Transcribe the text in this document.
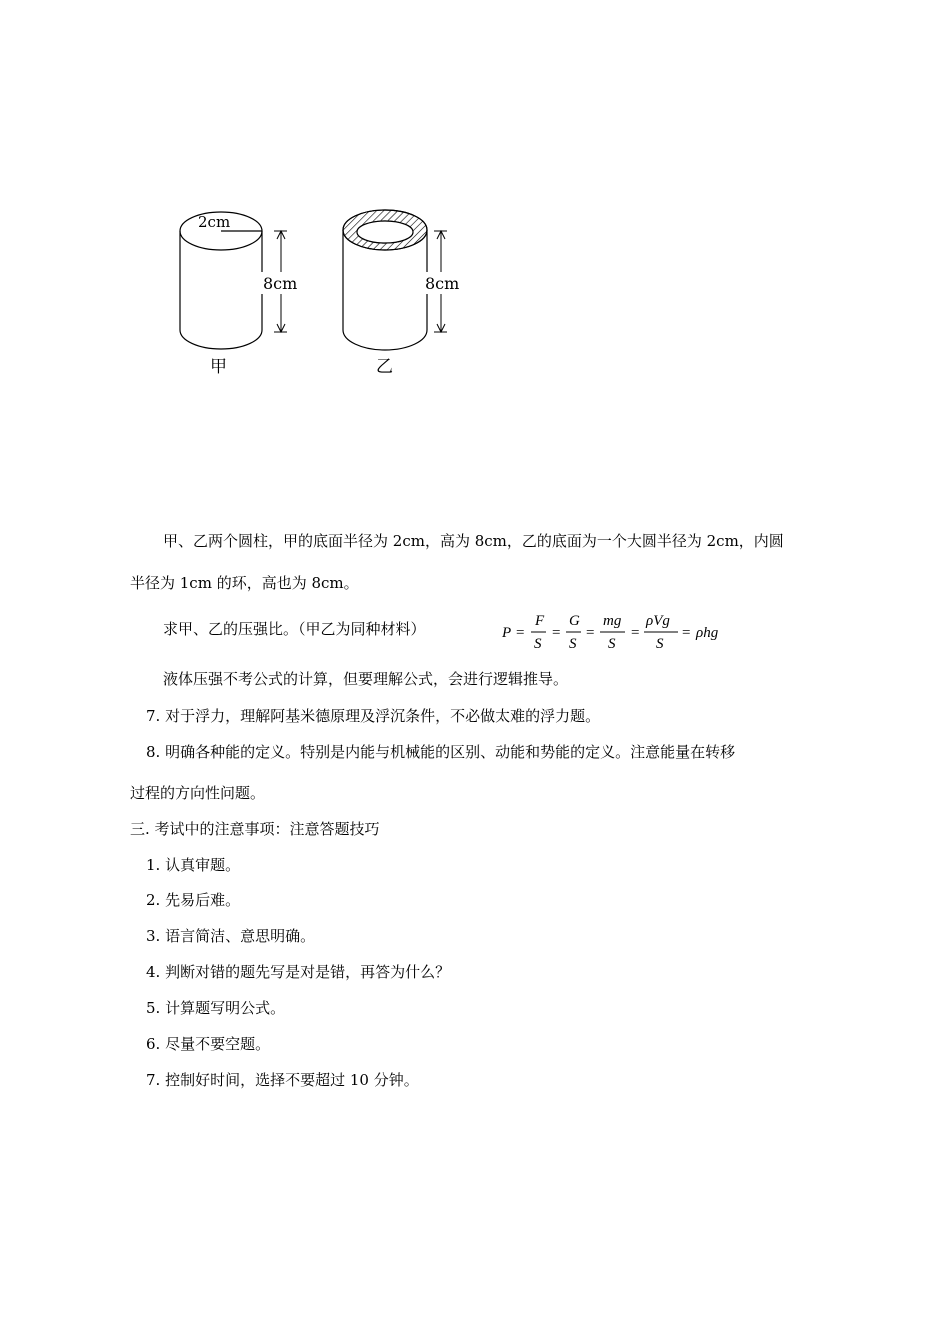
2cm
8cm	8cm
甲	乙
甲、乙两个圆柱，甲的底面半径为 2cm，高为 8cm，乙的底面为一个大圆半径为 2cm，内圆
半径为 1cm 的环，高也为 8cm。
求甲、乙的压强比。（甲乙为同种材料）	P =
F
S
=
G
S
=
mg
S
=
ρVg
S
= ρhg
液体压强不考公式的计算，但要理解公式，会进行逻辑推导。
7. 对于浮力，理解阿基米德原理及浮沉条件，不必做太难的浮力题。
8. 明确各种能的定义。特别是内能与机械能的区别、动能和势能的定义。注意能量在转移
过程的方向性问题。
三. 考试中的注意事项：注意答题技巧
1. 认真审题。
2. 先易后难。
3. 语言简洁、意思明确。
4. 判断对错的题先写是对是错，再答为什么？
5. 计算题写明公式。
6. 尽量不要空题。
7. 控制好时间，选择不要超过 10 分钟。
